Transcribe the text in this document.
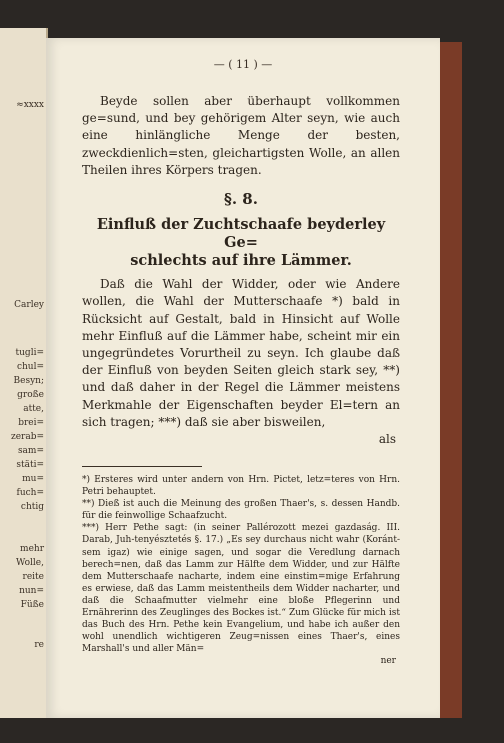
≈xxxx
Carley
tugli=
chul=
Besyn;
große
atte,
brei=
zerab=
sam=
stäti=
mu=
fuch=
chtig
mehr
Wolle,
reite
nun=
Füße
re
— ( 11 ) —

Beyde sollen aber überhaupt vollkommen ge=sund, und bey gehörigem Alter seyn, wie auch eine hinlängliche Menge der besten, zweckdienlich=sten, gleichartigsten Wolle, an allen Theilen ihres Körpers tragen.

§. 8.
Einfluß der Zuchtschaafe beyderley Ge=
schlechts auf ihre Lämmer.

Daß die Wahl der Widder, oder wie Andere wollen, die Wahl der Mutterschaafe *) bald in Rücksicht auf Gestalt, bald in Hinsicht auf Wolle mehr Einfluß auf die Lämmer habe, scheint mir ein ungegründetes Vorurtheil zu seyn. Ich glaube daß der Einfluß von beyden Seiten gleich stark sey, **) und daß daher in der Regel die Lämmer meistens Merkmahle der Eigenschaften beyder El=tern an sich tragen; ***) daß sie aber bisweilen,

als

*) Ersteres wird unter andern von Hrn. Pictet, letz=teres von Hrn. Petri behauptet.

**) Dieß ist auch die Meinung des großen Thaer's, s. dessen Handb. für die feinwollige Schaafzucht.

***) Herr Pethe sagt: (in seiner Pallérozott mezei gazdaság. III. Darab, Juh-tenyésztetés §. 17.) „Es sey durchaus nicht wahr (Koránt-sem igaz) wie einige sagen, und sogar die Veredlung darnach berech=nen, daß das Lamm zur Hälfte dem Widder, und zur Hälfte dem Mutterschaafe nacharte, indem eine einstim=mige Erfahrung es erwiese, daß das Lamm meistentheils dem Widder nacharter, und daß die Schaafmutter vielmehr eine bloße Pflegerinn und Ernährerinn des Zeuglinges des Bockes ist.“ Zum Glücke für mich ist das Buch des Hrn. Pethe kein Evangelium, und habe ich außer den wohl unendlich wichtigeren Zeug=nissen eines Thaer's, eines Marshall's und aller Män=

ner
